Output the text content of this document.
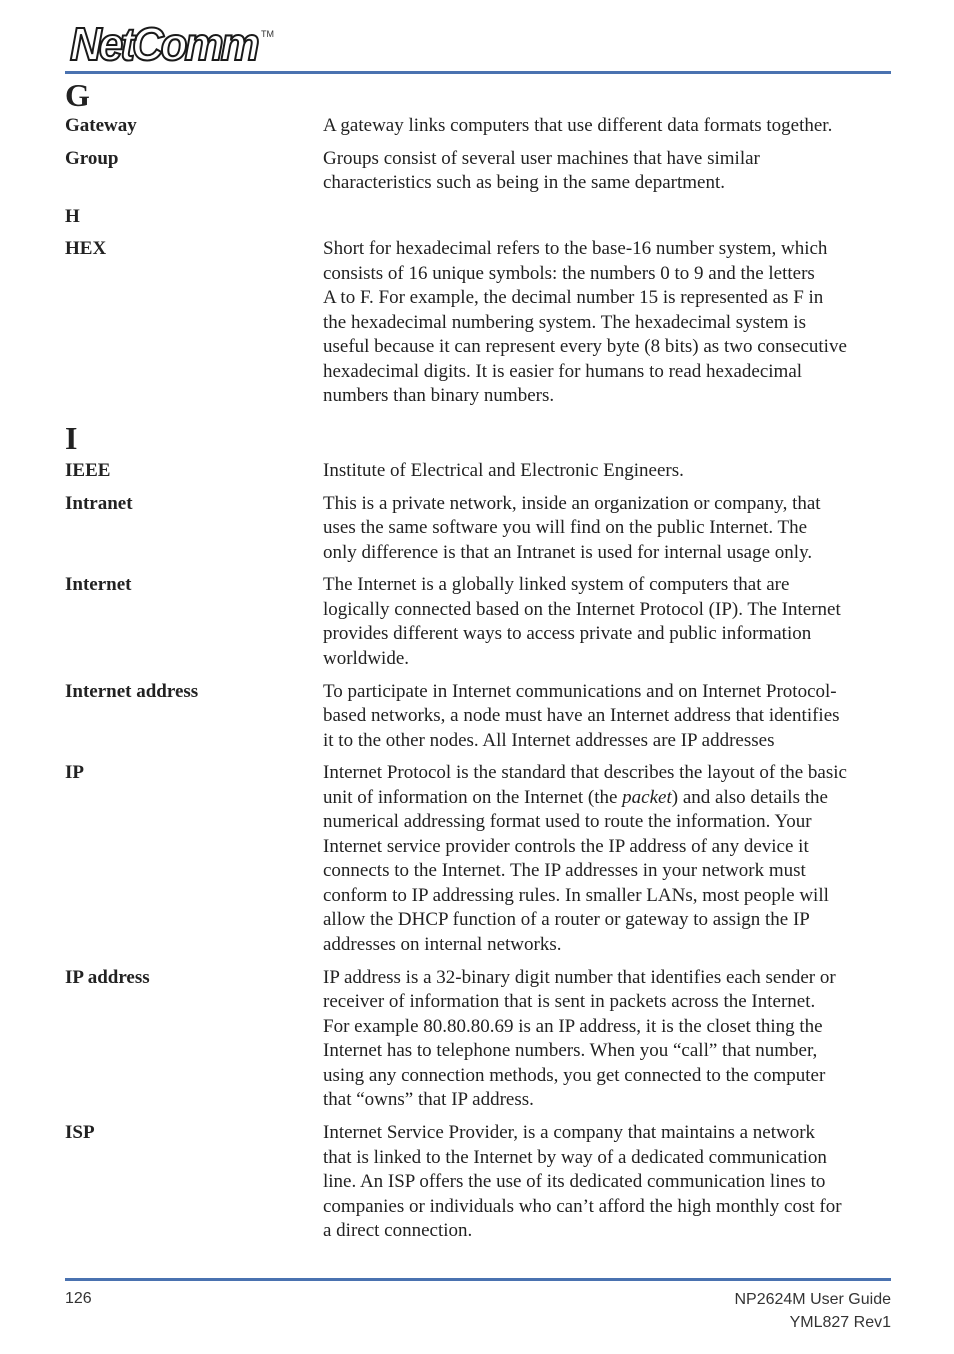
NetComm TM
G
Gateway	A gateway links computers that use different data formats together.
Group	Groups consist of several user machines that have similar
characteristics such as being in the same department.
H
HEX	Short for hexadecimal refers to the base-16 number system, which
consists of 16 unique symbols: the numbers 0 to 9 and the letters
A to F. For example, the decimal number 15 is represented as F in
the hexadecimal numbering system. The hexadecimal system is
useful because it can represent every byte (8 bits) as two consecutive
hexadecimal digits. It is easier for humans to read hexadecimal
numbers than binary numbers.
I
IEEE	Institute of Electrical and Electronic Engineers.
Intranet	This is a private network, inside an organization or company, that
uses the same software you will find on the public Internet. The
only difference is that an Intranet is used for internal usage only.
Internet	The Internet is a globally linked system of computers that are
logically connected based on the Internet Protocol (IP). The Internet
provides different ways to access private and public information
worldwide.
Internet address	To participate in Internet communications and on Internet Protocol-
based networks, a node must have an Internet address that identifies
it to the other nodes. All Internet addresses are IP addresses
IP	Internet Protocol is the standard that describes the layout of the basic
unit of information on the Internet (the packet) and also details the
numerical addressing format used to route the information. Your
Internet service provider controls the IP address of any device it
connects to the Internet. The IP addresses in your network must
conform to IP addressing rules. In smaller LANs, most people will
allow the DHCP function of a router or gateway to assign the IP
addresses on internal networks.
IP address	IP address is a 32-binary digit number that identifies each sender or
receiver of information that is sent in packets across the Internet.
For example 80.80.80.69 is an IP address, it is the closet thing the
Internet has to telephone numbers. When you “call” that number,
using any connection methods, you get connected to the computer
that “owns” that IP address.
ISP	Internet Service Provider, is a company that maintains a network
that is linked to the Internet by way of a dedicated communication
line. An ISP offers the use of its dedicated communication lines to
companies or individuals who can’t afford the high monthly cost for
a direct connection.
126	NP2624M User Guide
YML827 Rev1
